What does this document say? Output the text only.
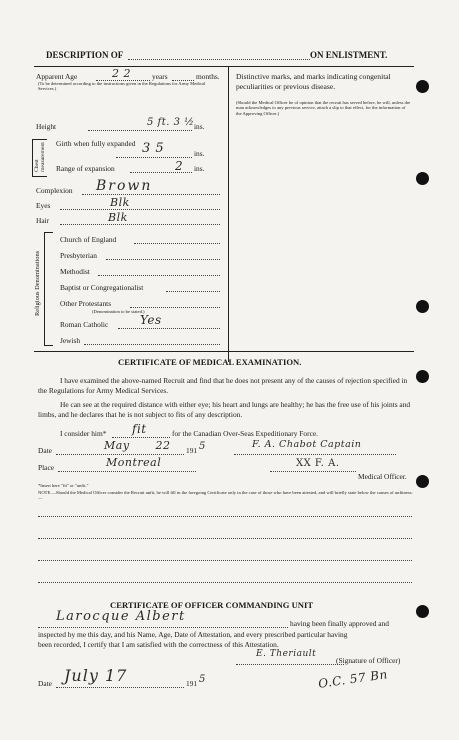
DESCRIPTION OF	ON ENLISTMENT.
Apparent Age	2 2	years	months.
(To be determined according to the instructions given in the Regulations for Army Medical Services.)
Height	5 ft. 3 ½ ins.
Chest measurement Girth when fully expanded 3 5	ins.
Range of expansion	2 ins.
Complexion Brown
Eyes	Blk
Hair	Blk
Distinctive marks, and marks indicating congenital peculiarities or previous disease.
(Should the Medical Officer be of opinion that the recruit has served before, he will, unless the man acknowledges to any previous service, attach a slip to that effect, for the information of the Approving Officer.)
Religious Denominations
Church of England
Presbyterian
Methodist
Baptist or Congregationalist
Other Protestants
(Denomination to be stated.)
Roman Catholic	Yes
Jewish
CERTIFICATE OF MEDICAL EXAMINATION.
I have examined the above-named Recruit and find that he does not present any of the causes of rejection specified in the Regulations for Army Medical Services.
He can see at the required distance with either eye; his heart and lungs are healthy; he has the free use of his joints and limbs, and he declares that he is not subject to fits of any description.
I consider him* fit	for the Canadian Over-Seas Expeditionary Force.
Date	May 22 191 5	F. A. Chabot Captain
Place	Montreal	XX F. A.
Medical Officer.
*Insert here "fit" or "unfit."
NOTE.—Should the Medical Officer consider the Recruit unfit, he will fill in the foregoing Certificate only in the case of those who have been attested, and will briefly state below the causes of unfitness:—
CERTIFICATE OF OFFICER COMMANDING UNIT
Larocque Albert	having been finally approved and
inspected by me this day, and his Name, Age, Date of Attestation, and every prescribed particular having
been recorded, I certify that I am satisfied with the correctness of this Attestation.
E. Theriault
(Signature of Officer)
Date July 17	191 5	O.C. 57 Bn
